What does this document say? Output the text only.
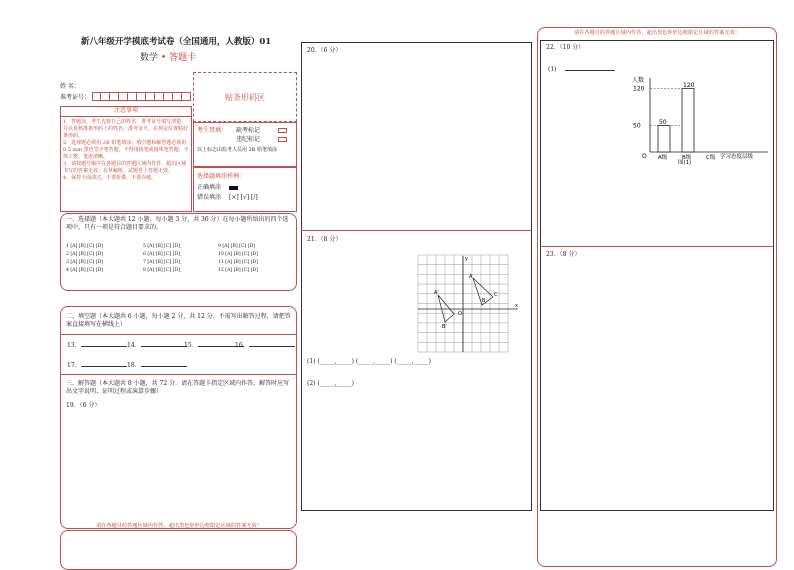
新八年级开学摸底考试卷（全国通用，人教版）01
数学 • 答题卡
姓 名：
准考证号：	贴条形码区
注意事项
1．答题前，考生先将自己的姓名、准考证号填写清楚，并认真核准条形码上的姓名、准考证号，在规定位置贴好条形码。
2．选择题必须用 2B 铅笔填涂；填空题和解答题必须用 0.5 mm 黑色签字笔答题，不得用铅笔或圆珠笔答题；字体工整、笔迹清晰。
3．请按题号顺序在各题目的答题区域内作答，超出区域书写的答案无效；在草稿纸、试题卷上答题无效。
4．保持卡面清洁，不要折叠、不要弄破。
考生禁填： 缺考标记
违纪标记
以上标志由监考人员用 2B 铅笔填涂
选择题填涂样例：
正确填涂
错误填涂 [×] [√] [/]
一、选择题（本大题共 12 小题，每小题 3 分，共 36 分）在每小题所给出的四个选项中，只有一项是符合题目要求的。
1 [A] [B] [C] [D]
2 [A] [B] [C] [D]
3 [A] [B] [C] [D]
4 [A] [B] [C] [D]
5 [A] [B] [C] [D]
6 [A] [B] [C] [D]
7 [A] [B] [C] [D]
8 [A] [B] [C] [D]
9 [A] [B] [C] [D]
10 [A] [B] [C] [D]
11 [A] [B] [C] [D]
12 [A] [B] [C] [D]
二、填空题（本大题共 6 小题，每小题 2 分，共 12 分．不需写出解答过程，请把答案直接填写在横线上）
13．	14．	15．	16．
17．	18．
三、解答题（本大题共 8 小题，共 72 分．请在答题卡指定区域内作答，解答时应写出文字说明、证明过程或演算步骤）
19．（6 分）
请在各题目的答题区域内作答，超出黑色矩形边框限定区域的答案无效！
20．（6 分）
21．（8 分）
x
y
O
A
C
B
A'
B'
(1) (_____,_____) (_____,_____) (_____,_____)
(2) (_____,_____)
请在各题目的答题区域内作答，超出黑色矩形边框限定区域的答案无效！
22．（10 分）
(1)
人数
O
50
120
50
A级
120
B级	C级 学习态度层级
图(1)
23．（8 分）
